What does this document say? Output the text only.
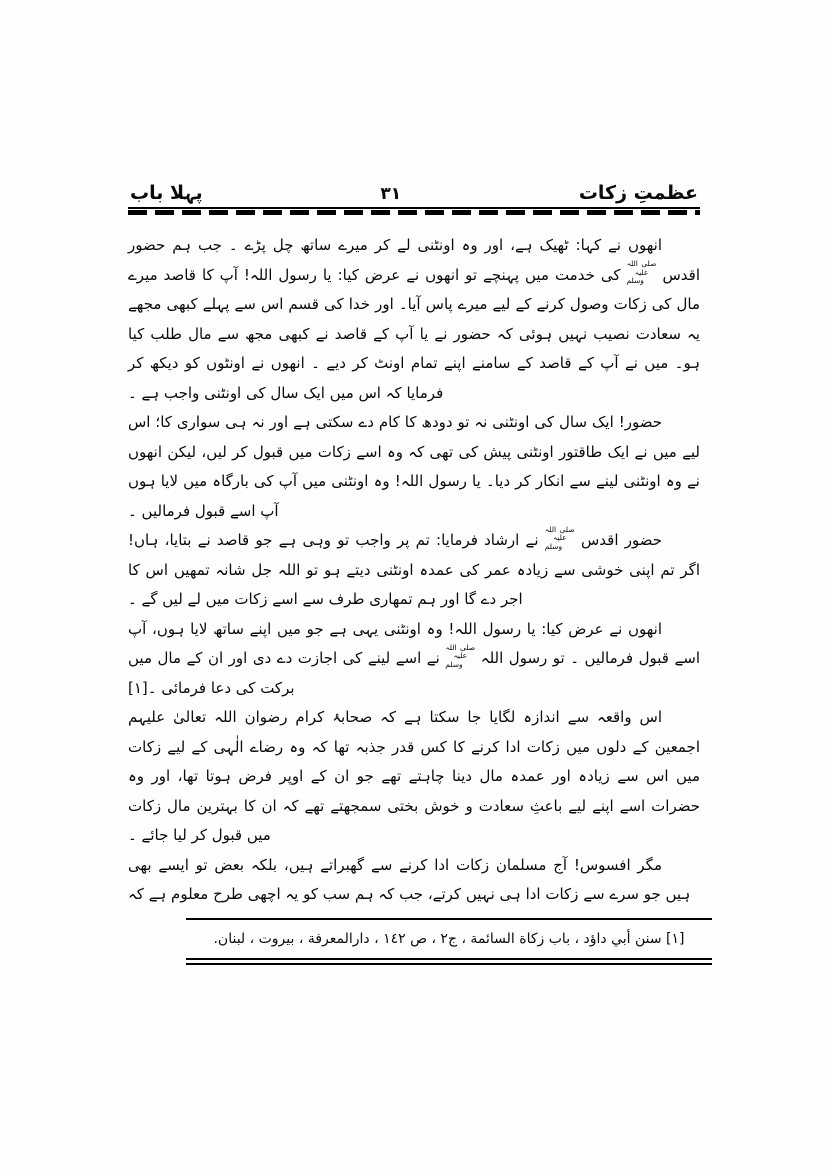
عظمتِ زکات
۳۱
پہلا باب

انھوں نے کہا: ٹھیک ہے، اور وہ اونٹنی لے کر میرے ساتھ چل پڑے ۔ جب ہم حضور اقدس صلی اللہ علیہ وسلم کی خدمت میں پہنچے تو انھوں نے عرض کیا: یا رسول اللہ! آپ کا قاصد میرے مال کی زکات وصول کرنے کے لیے میرے پاس آیا۔ اور خدا کی قسم اس سے پہلے کبھی مجھے یہ سعادت نصیب نہیں ہوئی کہ حضور نے یا آپ کے قاصد نے کبھی مجھ سے مال طلب کیا ہو۔ میں نے آپ کے قاصد کے سامنے اپنے تمام اونٹ کر دیے ۔ انھوں نے اونٹوں کو دیکھ کر فرمایا کہ اس میں ایک سال کی اونٹنی واجب ہے ۔

حضور! ایک سال کی اونٹنی نہ تو دودھ کا کام دے سکتی ہے اور نہ ہی سواری کا؛ اس لیے میں نے ایک طاقتور اونٹنی پیش کی تھی کہ وہ اسے زکات میں قبول کر لیں، لیکن انھوں نے وہ اونٹنی لینے سے انکار کر دیا۔ یا رسول اللہ! وہ اونٹنی میں آپ کی بارگاہ میں لایا ہوں آپ اسے قبول فرمالیں ۔

حضور اقدس صلی اللہ علیہ وسلم نے ارشاد فرمایا: تم پر واجب تو وہی ہے جو قاصد نے بتایا، ہاں! اگر تم اپنی خوشی سے زیادہ عمر کی عمدہ اونٹنی دیتے ہو تو اللہ جل شانہ تمھیں اس کا اجر دے گا اور ہم تمھاری طرف سے اسے زکات میں لے لیں گے ۔

انھوں نے عرض کیا: یا رسول اللہ! وہ اونٹنی یہی ہے جو میں اپنے ساتھ لایا ہوں، آپ اسے قبول فرمالیں ۔ تو رسول اللہ صلی اللہ علیہ وسلم نے اسے لینے کی اجازت دے دی اور ان کے مال میں برکت کی دعا فرمائی ۔[۱]

اس واقعہ سے اندازہ لگایا جا سکتا ہے کہ صحابۂ کرام رضوان اللہ تعالیٰ علیہم اجمعین کے دلوں میں زکات ادا کرنے کا کس قدر جذبہ تھا کہ وہ رضاے الٰہی کے لیے زکات میں اس سے زیادہ اور عمدہ مال دینا چاہتے تھے جو ان کے اوپر فرض ہوتا تھا، اور وہ حضرات اسے اپنے لیے باعثِ سعادت و خوش بختی سمجھتے تھے کہ ان کا بہترین مال زکات میں قبول کر لیا جائے ۔

مگر افسوس! آج مسلمان زکات ادا کرنے سے گھبراتے ہیں، بلکہ بعض تو ایسے بھی ہیں جو سرے سے زکات ادا ہی نہیں کرتے، جب کہ ہم سب کو یہ اچھی طرح معلوم ہے کہ

[١] سنن أبي داؤد ، باب زكاة السائمة ، ج٢ ، ص ١٤٢ ، دارالمعرفة ، بيروت ، لبنان.
